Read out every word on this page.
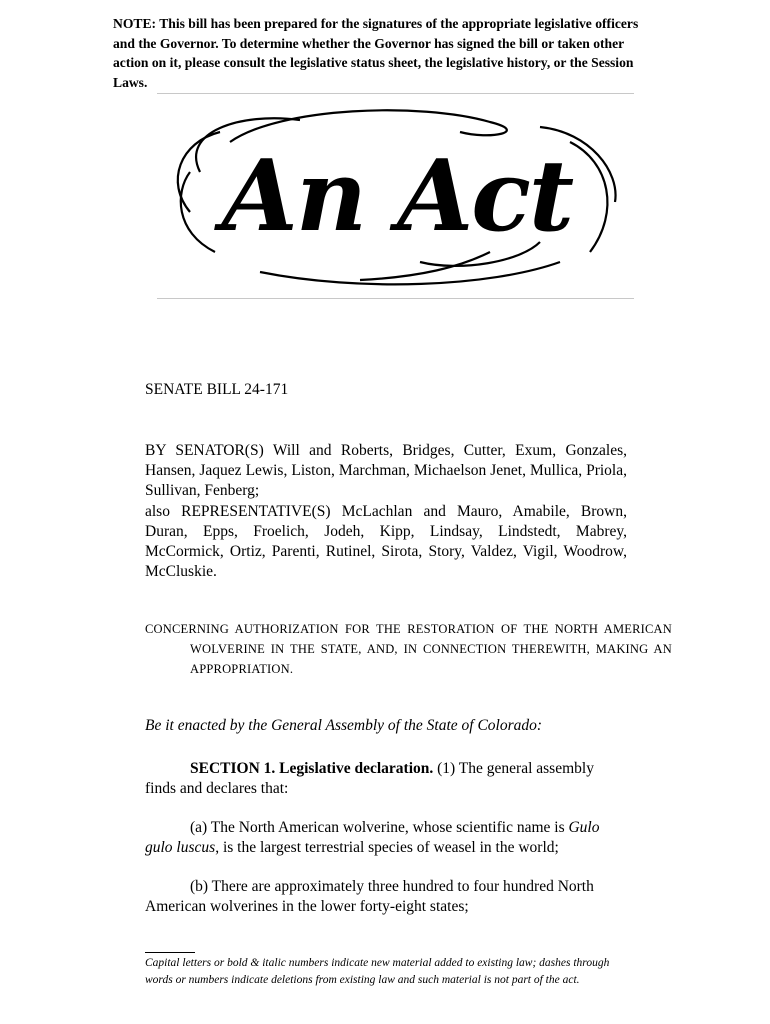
NOTE: This bill has been prepared for the signatures of the appropriate legislative officers and the Governor. To determine whether the Governor has signed the bill or taken other action on it, please consult the legislative status sheet, the legislative history, or the Session Laws.
An Act
SENATE BILL 24-171

BY SENATOR(S) Will and Roberts, Bridges, Cutter, Exum, Gonzales, Hansen, Jaquez Lewis, Liston, Marchman, Michaelson Jenet, Mullica, Priola, Sullivan, Fenberg;

also REPRESENTATIVE(S) McLachlan and Mauro, Amabile, Brown, Duran, Epps, Froelich, Jodeh, Kipp, Lindsay, Lindstedt, Mabrey, McCormick, Ortiz, Parenti, Rutinel, Sirota, Story, Valdez, Vigil, Woodrow, McCluskie.

CONCERNING AUTHORIZATION FOR THE RESTORATION OF THE NORTH AMERICAN WOLVERINE IN THE STATE, AND, IN CONNECTION THEREWITH, MAKING AN APPROPRIATION.
Be it enacted by the General Assembly of the State of Colorado:
SECTION 1. Legislative declaration. (1) The general assembly finds and declares that:
(a) The North American wolverine, whose scientific name is Gulo gulo luscus, is the largest terrestrial species of weasel in the world;
(b) There are approximately three hundred to four hundred North American wolverines in the lower forty-eight states;
Capital letters or bold & italic numbers indicate new material added to existing law; dashes through words or numbers indicate deletions from existing law and such material is not part of the act.
